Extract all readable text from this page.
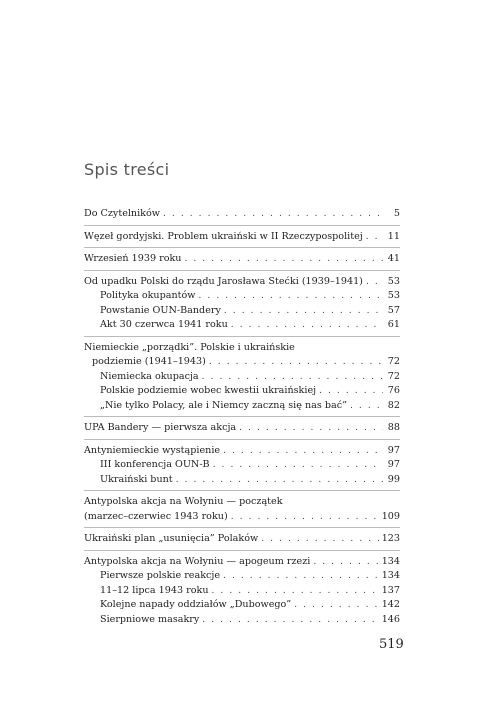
Spis treści
Do Czytelników . . .	5
Węzeł gordyjski. Problem ukraiński w II Rzeczypospolitej . . .	11
Wrzesień 1939 roku . . .	41
Od upadku Polski do rządu Jarosława Stećki (1939–1941) . . .	53
Polityka okupantów . . .	53
Powstanie OUN-Bandery . . .	57
Akt 30 czerwca 1941 roku . . .	61
Niemieckie „porządki”. Polskie i ukraińskie
podziemie (1941–1943) . . .	72
Niemiecka okupacja . . .	72
Polskie podziemie wobec kwestii ukraińskiej . . .	76
„Nie tylko Polacy, ale i Niemcy zaczną się nas bać” . . .	82
UPA Bandery — pierwsza akcja . . .	88
Antyniemieckie wystąpienie . . .	97
III konferencja OUN-B . . .	97
Ukraiński bunt . . .	99
Antypolska akcja na Wołyniu — początek
(marzec–czerwiec 1943 roku) . . .	109
Ukraiński plan „usunięcia” Polaków . . .	123
Antypolska akcja na Wołyniu — apogeum rzezi . . .	134
Pierwsze polskie reakcje . . .	134
11–12 lipca 1943 roku . . .	137
Kolejne napady oddziałów „Dubowego” . . .	142
Sierpniowe masakry . . .	146
519
